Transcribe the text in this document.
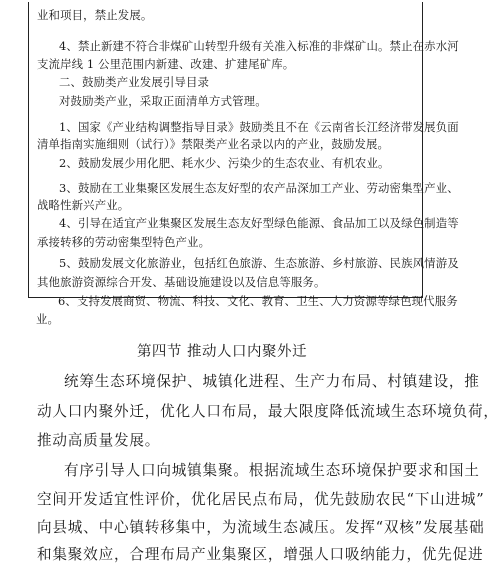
业和项目，禁止发展。
4、禁止新建不符合非煤矿山转型升级有关准入标准的非煤矿山。禁止在赤水河
支流岸线 1 公里范围内新建、改建、扩建尾矿库。
二、鼓励类产业发展引导目录
对鼓励类产业，采取正面清单方式管理。
1、国家《产业结构调整指导目录》鼓励类且不在《云南省长江经济带发展负面
清单指南实施细则（试行）》禁限类产业名录以内的产业，鼓励发展。
2、鼓励发展少用化肥、耗水少、污染少的生态农业、有机农业。
3、鼓励在工业集聚区发展生态友好型的农产品深加工产业、劳动密集型产业、
战略性新兴产业。
4、引导在适宜产业集聚区发展生态友好型绿色能源、食品加工以及绿色制造等
承接转移的劳动密集型特色产业。
5、鼓励发展文化旅游业，包括红色旅游、生态旅游、乡村旅游、民族风情游及
其他旅游资源综合开发、基础设施建设以及信息等服务。
6、支持发展商贸、物流、科技、文化、教育、卫生、人力资源等绿色现代服务
业。
第四节 推动人口内聚外迁
统筹生态环境保护、城镇化进程、生产力布局、村镇建设，推
动人口内聚外迁，优化人口布局，最大限度降低流域生态环境负荷，
推动高质量发展。
有序引导人口向城镇集聚。根据流域生态环境保护要求和国土
空间开发适宜性评价，优化居民点布局，优先鼓励农民“下山进城”
向县城、中心镇转移集中，为流域生态减压。发挥“双核”发展基础
和集聚效应，合理布局产业集聚区，增强人口吸纳能力，优先促进
